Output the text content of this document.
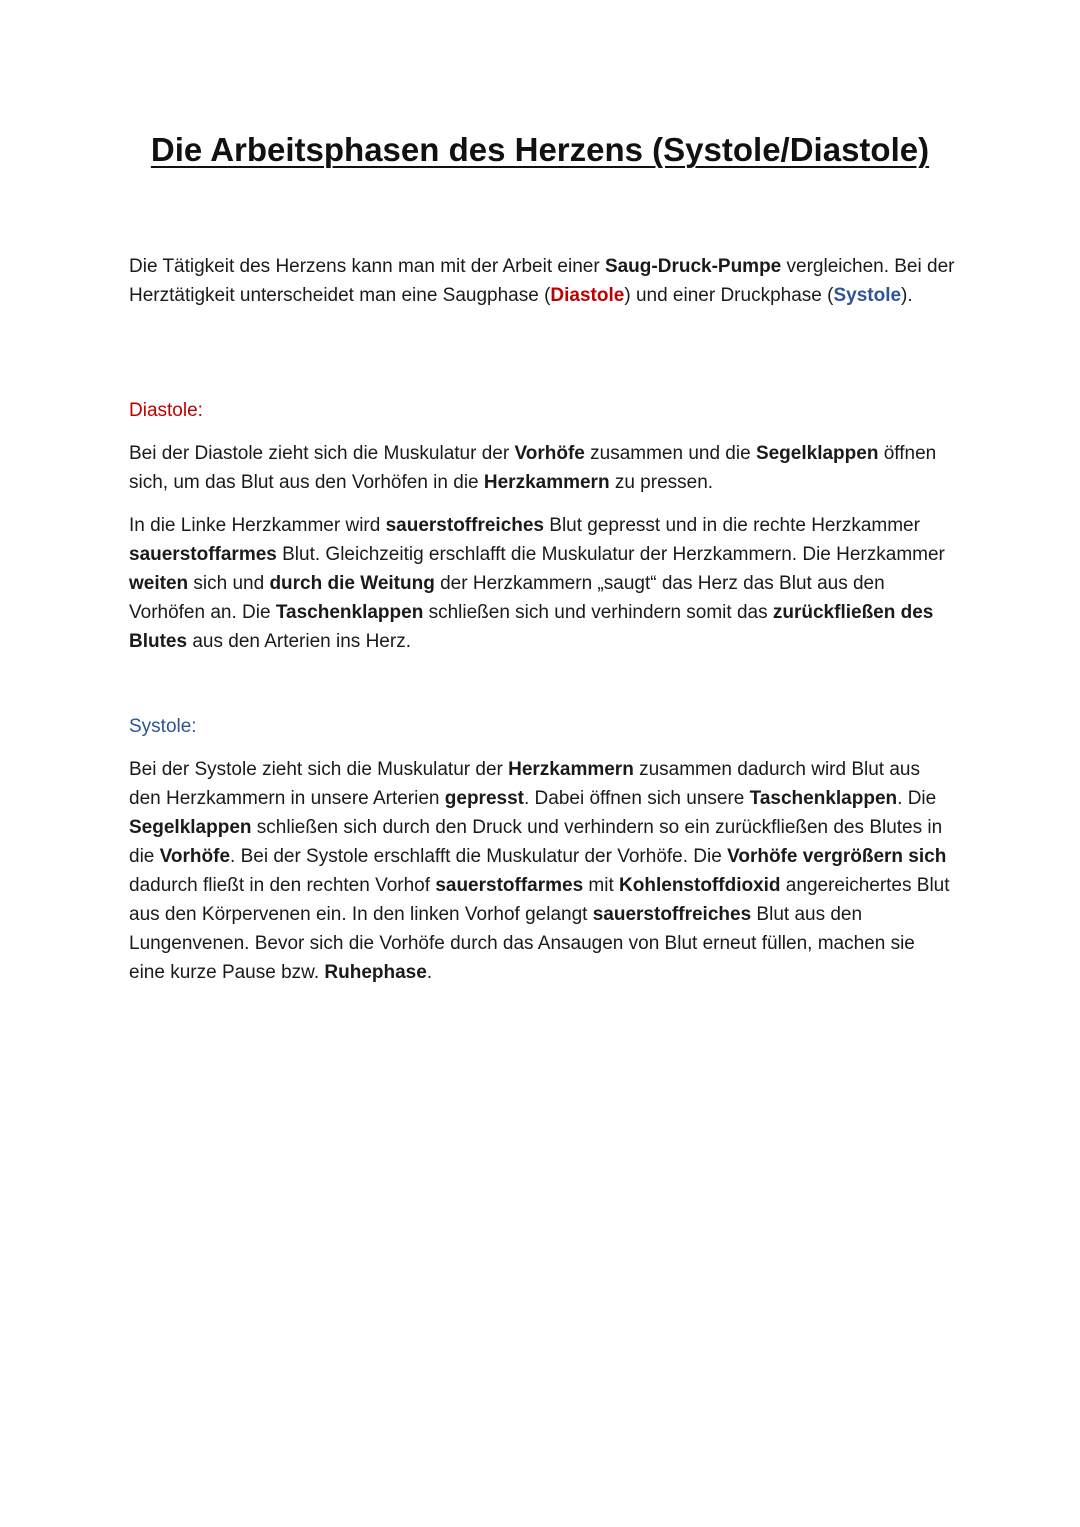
Die Arbeitsphasen des Herzens (Systole/Diastole)

Die Tätigkeit des Herzens kann man mit der Arbeit einer Saug-Druck-Pumpe vergleichen. Bei der Herztätigkeit unterscheidet man eine Saugphase (Diastole) und einer Druckphase (Systole).

Diastole:

Bei der Diastole zieht sich die Muskulatur der Vorhöfe zusammen und die Segelklappen öffnen sich, um das Blut aus den Vorhöfen in die Herzkammern zu pressen.

In die Linke Herzkammer wird sauerstoffreiches Blut gepresst und in die rechte Herzkammer sauerstoffarmes Blut. Gleichzeitig erschlafft die Muskulatur der Herzkammern. Die Herzkammer weiten sich und durch die Weitung der Herzkammern „saugt“ das Herz das Blut aus den Vorhöfen an. Die Taschenklappen schließen sich und verhindern somit das zurückfließen des Blutes aus den Arterien ins Herz.

Systole:

Bei der Systole zieht sich die Muskulatur der Herzkammern zusammen dadurch wird Blut aus den Herzkammern in unsere Arterien gepresst. Dabei öffnen sich unsere Taschenklappen. Die Segelklappen schließen sich durch den Druck und verhindern so ein zurückfließen des Blutes in die Vorhöfe. Bei der Systole erschlafft die Muskulatur der Vorhöfe. Die Vorhöfe vergrößern sich dadurch fließt in den rechten Vorhof sauerstoffarmes mit Kohlenstoffdioxid angereichertes Blut aus den Körpervenen ein. In den linken Vorhof gelangt sauerstoffreiches Blut aus den Lungenvenen. Bevor sich die Vorhöfe durch das Ansaugen von Blut erneut füllen, machen sie eine kurze Pause bzw. Ruhephase.
